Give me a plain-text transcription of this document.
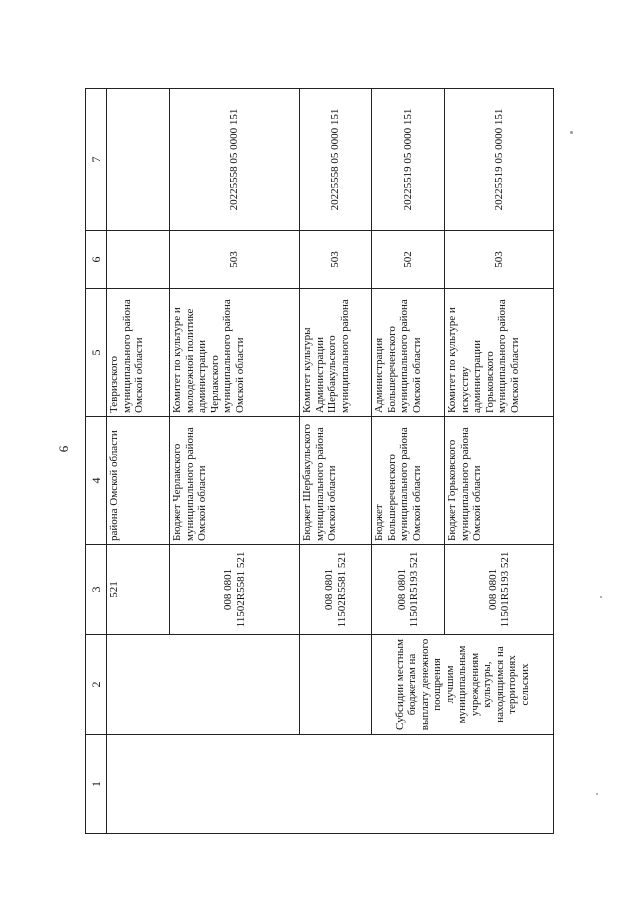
6
1	2	3	4	5	6	7
		521	района Омской области	Тевризского муниципального района Омской области		
		008 0801 11502R5581 521	Бюджет Черлакского муниципального района Омской области	Комитет по культуре и молодежной политике администрации Черлакского муниципального района Омской области	503	20225558 05 0000 151
		008 0801 11502R5581 521	Бюджет Шербакульского муниципального района Омской области	Комитет культуры Администрации Шербакульского муниципального района	503	20225558 05 0000 151
	Субсидии местным бюджетам на выплату денежного поощрения лучшим муниципальным учреждениям культуры, находящимся на территориях сельских	008 0801 11501R5193 521	Бюджет Большереченского муниципального района Омской области	Администрация Большереченского муниципального района Омской области	502	20225519 05 0000 151
		008 0801 11501R5193 521	Бюджет Горьковского муниципального района Омской области	Комитет по культуре и искусству администрации Горьковского муниципального района Омской области	503	20225519 05 0000 151
